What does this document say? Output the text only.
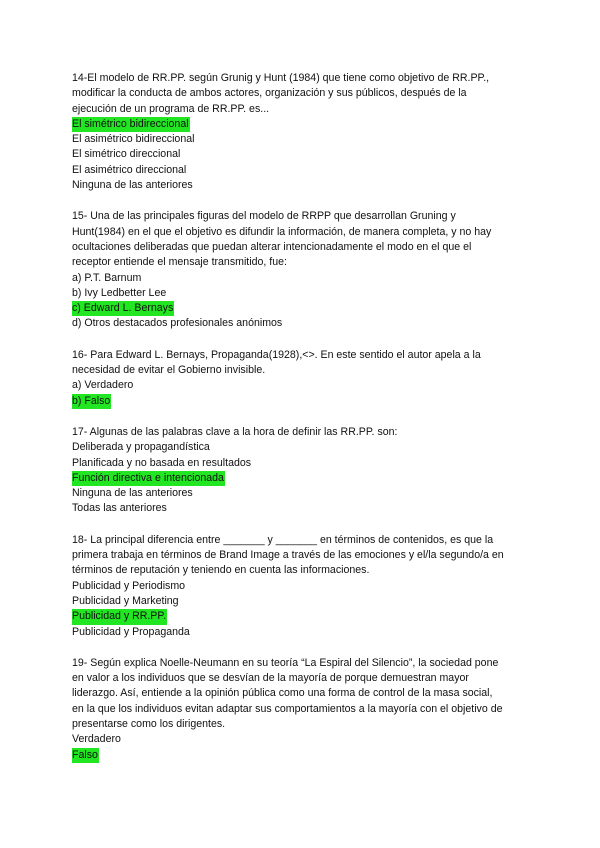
14-El modelo de RR.PP. según Grunig y Hunt (1984) que tiene como objetivo de RR.PP.,
modificar la conducta de ambos actores, organización y sus públicos, después de la
ejecución de un programa de RR.PP. es...
El simétrico bidireccional
El asimétrico bidireccional
El simétrico direccional
El asimétrico direccional
Ninguna de las anteriores
15- Una de las principales figuras del modelo de RRPP que desarrollan Gruning y
Hunt(1984) en el que el objetivo es difundir la información, de manera completa, y no hay
ocultaciones deliberadas que puedan alterar intencionadamente el modo en el que el
receptor entiende el mensaje transmitido, fue:
a) P.T. Barnum
b) Ivy Ledbetter Lee
c) Edward L. Bernays
d) Otros destacados profesionales anónimos
16- Para Edward L. Bernays, Propaganda(1928),<>. En este sentido el autor apela a la
necesidad de evitar el Gobierno invisible.
a) Verdadero
b) Falso
17- Algunas de las palabras clave a la hora de definir las RR.PP. son:
Deliberada y propagandística
Planificada y no basada en resultados
Función directiva e intencionada
Ninguna de las anteriores
Todas las anteriores
18- La principal diferencia entre _______ y _______ en términos de contenidos, es que la
primera trabaja en términos de Brand Image a través de las emociones y el/la segundo/a en
términos de reputación y teniendo en cuenta las informaciones.
Publicidad y Periodismo
Publicidad y Marketing
Publicidad y RR.PP.
Publicidad y Propaganda
19- Según explica Noelle-Neumann en su teoría “La Espiral del Silencio”, la sociedad pone
en valor a los individuos que se desvían de la mayoría de porque demuestran mayor
liderazgo. Así, entiende a la opinión pública como una forma de control de la masa social,
en la que los individuos evitan adaptar sus comportamientos a la mayoría con el objetivo de
presentarse como los dirigentes.
Verdadero
Falso
